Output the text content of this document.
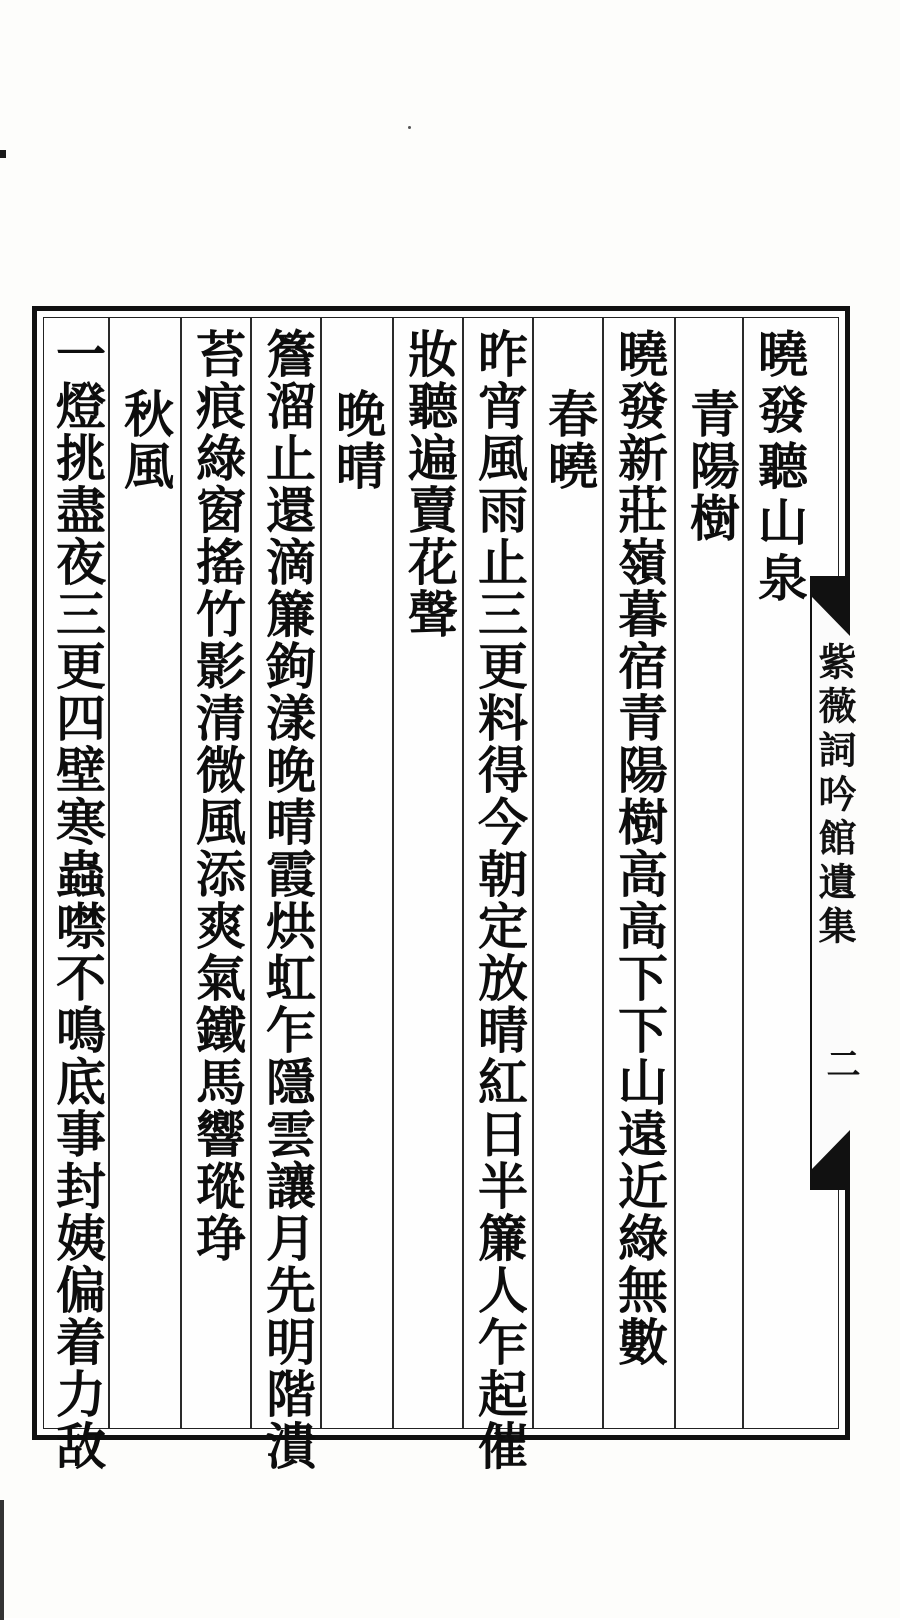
曉發聽山泉
青陽樹
曉發新莊嶺暮宿青陽樹高高下下山遠近綠無數
春曉
昨宵風雨止三更料得今朝定放晴紅日半簾人乍起催
妝聽遍賣花聲
晚晴
簷溜止還滴簾鉤漾晚晴霞烘虹乍隱雲讓月先明階潰
苔痕綠窗搖竹影清微風添爽氣鐵馬響瑽琤
秋風
一燈挑盡夜三更四壁寒蟲噤不鳴底事封姨偏着力敌	紫薇詞吟館遺集
二
